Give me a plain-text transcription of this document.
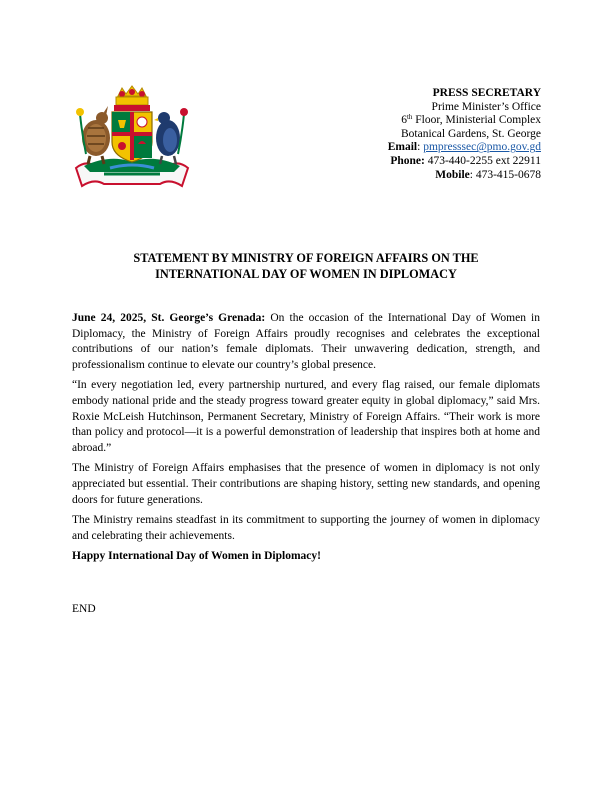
PRESS SECRETARY
Prime Minister’s Office
6th Floor, Ministerial Complex
Botanical Gardens, St. George
Email: pmpresssec@pmo.gov.gd
Phone: 473-440-2255 ext 22911
Mobile: 473-415-0678
STATEMENT BY MINISTRY OF FOREIGN AFFAIRS ON THE
INTERNATIONAL DAY OF WOMEN IN DIPLOMACY

June 24, 2025, St. George’s Grenada: On the occasion of the International Day of Women in Diplomacy, the Ministry of Foreign Affairs proudly recognises and celebrates the exceptional contributions of our nation’s female diplomats. Their unwavering dedication, strength, and professionalism continue to elevate our country’s global presence.

“In every negotiation led, every partnership nurtured, and every flag raised, our female diplomats embody national pride and the steady progress toward greater equity in global diplomacy,” said Mrs. Roxie McLeish Hutchinson, Permanent Secretary, Ministry of Foreign Affairs. “Their work is more than policy and protocol—it is a powerful demonstration of leadership that inspires both at home and abroad.”

The Ministry of Foreign Affairs emphasises that the presence of women in diplomacy is not only appreciated but essential. Their contributions are shaping history, setting new standards, and opening doors for future generations.

The Ministry remains steadfast in its commitment to supporting the journey of women in diplomacy and celebrating their achievements.

Happy International Day of Women in Diplomacy!

END
